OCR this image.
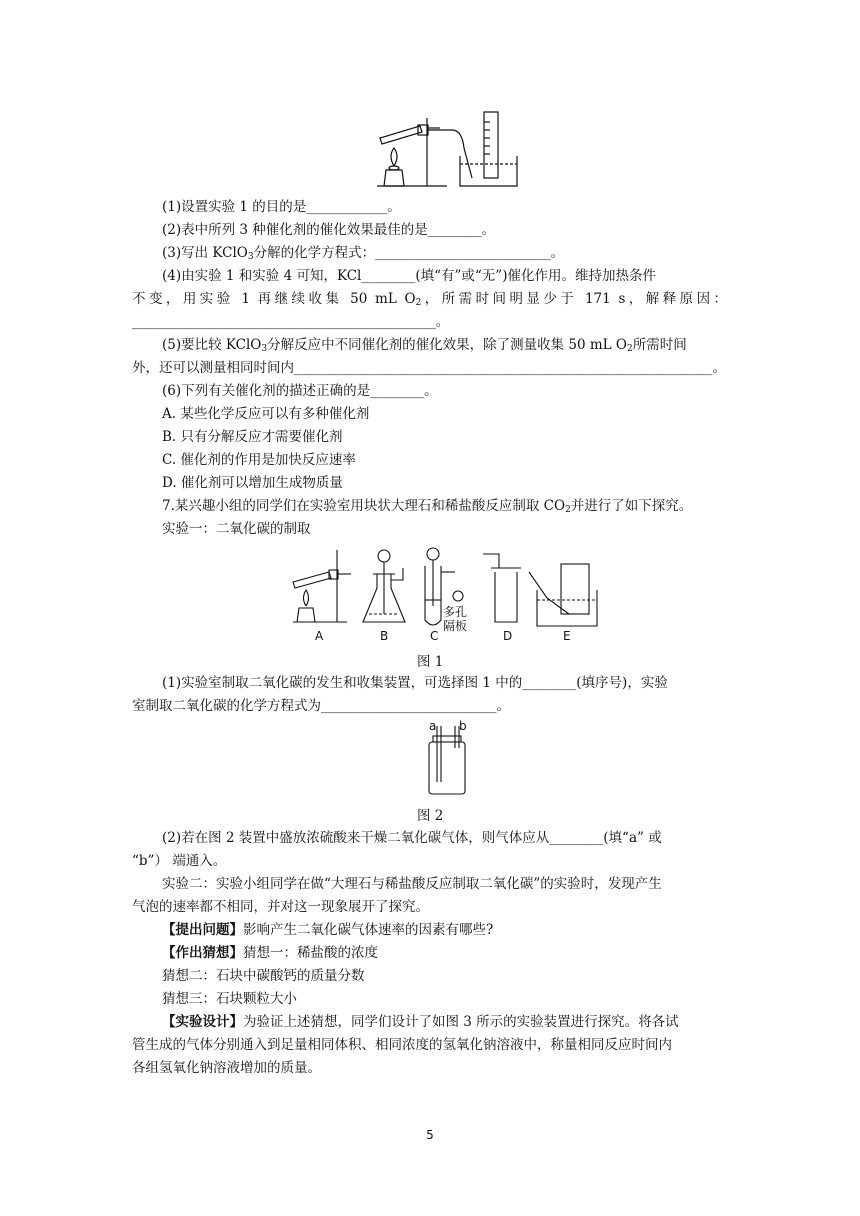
(1)设置实验 1 的目的是____________。
(2)表中所列 3 种催化剂的催化效果最佳的是________。
(3)写出 KClO$_3$分解的化学方程式：__________________________。
(4)由实验 1 和实验 4 可知，KCl________(填“有”或“无”)催化作用。维持加热条件
不变，用实验 1 再继续收集 50 mL $O_2$，所需时间明显少于 171 s，解释原因：
_____________________________________________。
(5)要比较 KClO$_3$分解反应中不同催化剂的催化效果，除了测量收集 50 mL $O_2$所需时间
外，还可以测量相同时间内______________________________________________________________。
(6)下列有关催化剂的描述正确的是________。
A. 某些化学反应可以有多种催化剂
B. 只有分解反应才需要催化剂
C. 催化剂的作用是加快反应速率
D. 催化剂可以增加生成物质量
7.某兴趣小组的同学们在实验室用块状大理石和稀盐酸反应制取 $CO_2$并进行了如下探究。
实验一：二氧化碳的制取
A	B	C	D	E
多孔
隔板
图 1
(1)实验室制取二氧化碳的发生和收集装置，可选择图 1 中的________(填序号)，实验
室制取二氧化碳的化学方程式为__________________________。
a b
图 2
(2)若在图 2 装置中盛放浓硫酸来干燥二氧化碳气体，则气体应从________(填“a” 或
“b”） 端通入。
实验二：实验小组同学在做“大理石与稀盐酸反应制取二氧化碳”的实验时，发现产生
气泡的速率都不相同，并对这一现象展开了探究。
【提出问题】影响产生二氧化碳气体速率的因素有哪些?
【作出猜想】猜想一：稀盐酸的浓度
猜想二：石块中碳酸钙的质量分数
猜想三：石块颗粒大小
【实验设计】为验证上述猜想，同学们设计了如图 3 所示的实验装置进行探究。将各试
管生成的气体分别通入到足量相同体积、相同浓度的氢氧化钠溶液中，称量相同反应时间内
各组氢氧化钠溶液增加的质量。
5
